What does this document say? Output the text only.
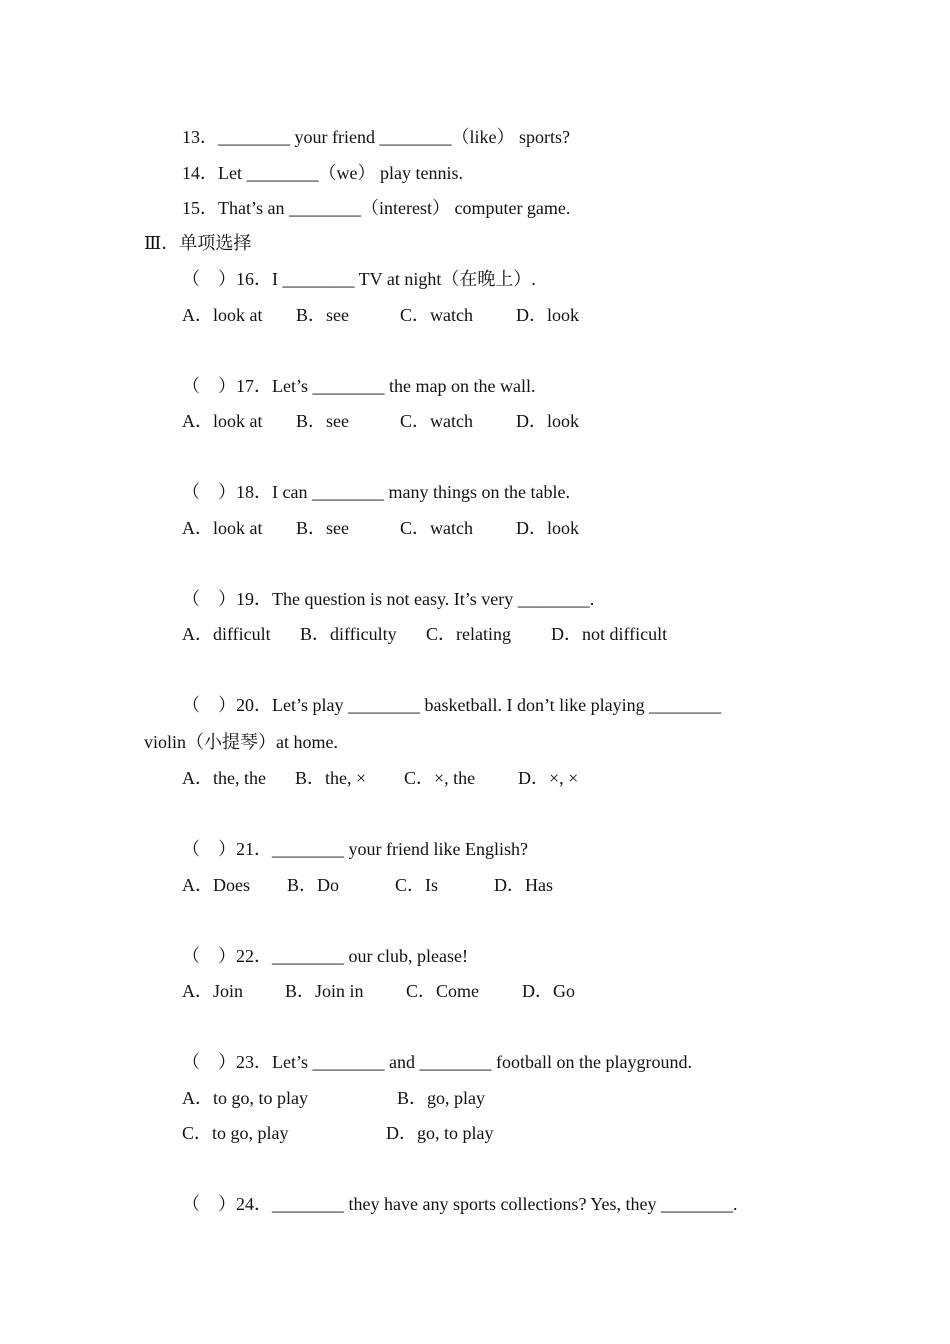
13．________ your friend ________（like） sports?
14．Let ________（we） play tennis.
15．That’s an ________（interest） computer game.
Ⅲ．单项选择
（　）16．I ________ TV at night（在晚上）.
A．look at B．see	C．watch D．look
（　）17．Let’s ________ the map on the wall.
A．look at B．see	C．watch D．look
（　）18．I can ________ many things on the table.
A．look at B．see	C．watch D．look
（　）19．The question is not easy. It’s very ________.
A．difficult B．difficulty C．relating D．not difficult
（　）20．Let’s play ________ basketball. I don’t like playing ________
violin（小提琴）at home.
A．the, the B．the, × C．×, the D．×, ×
（　）21．________ your friend like English?
A．Does B．Do	C．Is	D．Has
（　）22．________ our club, please!
A．Join B．Join in C．Come D．Go
（　）23．Let’s ________ and ________ football on the playground.
A．to go, to play	B．go, play
C．to go, play	D．go, to play
（　）24．________ they have any sports collections? Yes, they ________.
